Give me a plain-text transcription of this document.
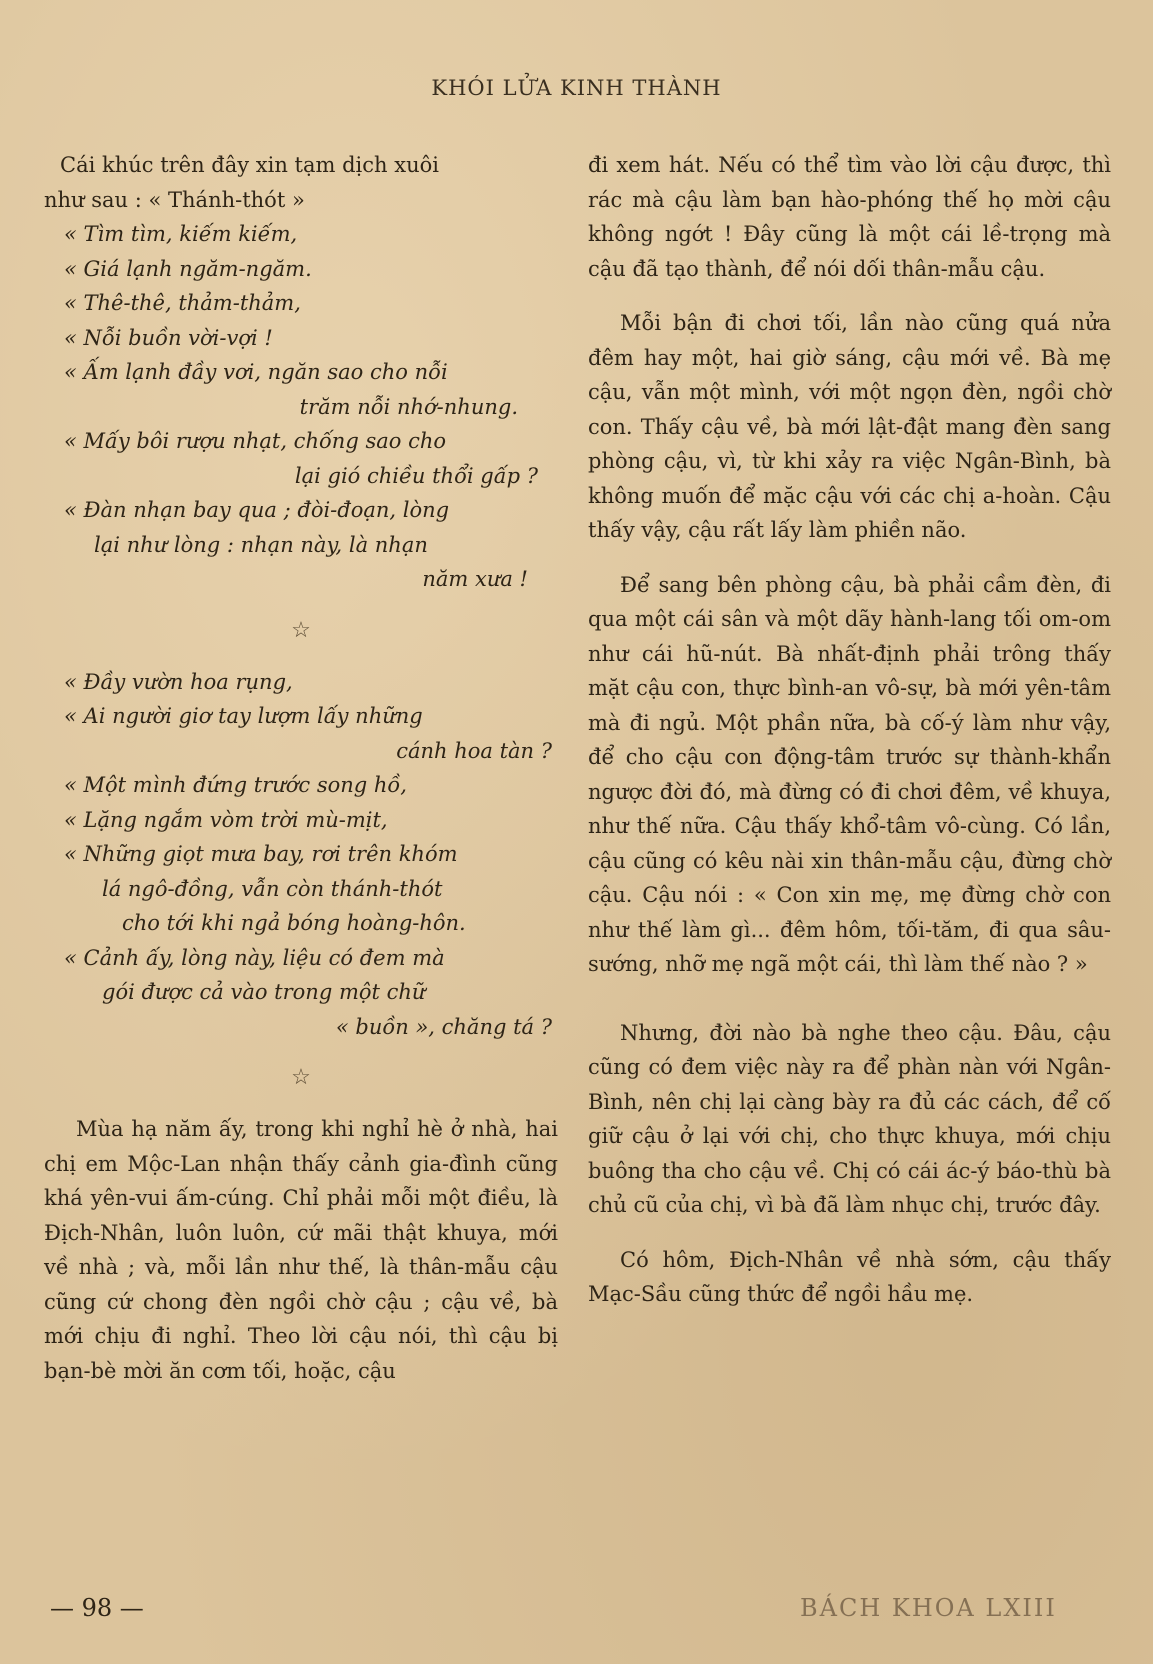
KHÓI LỬA KINH THÀNH
Cái khúc trên đây xin tạm dịch xuôi
như sau : « Thánh-thót »
« Tìm tìm, kiếm kiếm,
« Giá lạnh ngăm-ngăm.
« Thê-thê, thảm-thảm,
« Nỗi buồn vời-vợi !
« Ấm lạnh đầy vơi, ngăn sao cho nỗi
trăm nỗi nhớ-nhung.
« Mấy bôi rượu nhạt, chống sao cho
lại gió chiều thổi gấp ?
« Đàn nhạn bay qua ; đòi-đoạn, lòng
lại như lòng : nhạn này, là nhạn
năm xưa !
☆
« Đầy vườn hoa rụng,
« Ai người giơ tay lượm lấy những
cánh hoa tàn ?
« Một mình đứng trước song hồ,
« Lặng ngắm vòm trời mù-mịt,
« Những giọt mưa bay, rơi trên khóm
lá ngô-đồng, vẫn còn thánh-thót
cho tới khi ngả bóng hoàng-hôn.
« Cảnh ấy, lòng này, liệu có đem mà
gói được cả vào trong một chữ
« buồn », chăng tá ?
☆

Mùa hạ năm ấy, trong khi nghỉ hè ở nhà, hai chị em Mộc-Lan nhận thấy cảnh gia-đình cũng khá yên-vui ấm-cúng. Chỉ phải mỗi một điều, là Địch-Nhân, luôn luôn, cứ mãi thật khuya, mới về nhà ; và, mỗi lần như thế, là thân-mẫu cậu cũng cứ chong đèn ngồi chờ cậu ; cậu về, bà mới chịu đi nghỉ. Theo lời cậu nói, thì cậu bị bạn-bè mời ăn cơm tối, hoặc, cậu

đi xem hát. Nếu có thể tìm vào lời cậu được, thì rác mà cậu làm bạn hào-phóng thế họ mời cậu không ngớt ! Đây cũng là một cái lề-trọng mà cậu đã tạo thành, để nói dối thân-mẫu cậu.

Mỗi bận đi chơi tối, lần nào cũng quá nửa đêm hay một, hai giờ sáng, cậu mới về. Bà mẹ cậu, vẫn một mình, với một ngọn đèn, ngồi chờ con. Thấy cậu về, bà mới lật-đật mang đèn sang phòng cậu, vì, từ khi xảy ra việc Ngân-Bình, bà không muốn để mặc cậu với các chị a-hoàn. Cậu thấy vậy, cậu rất lấy làm phiền não.

Để sang bên phòng cậu, bà phải cầm đèn, đi qua một cái sân và một dãy hành-lang tối om-om như cái hũ-nút. Bà nhất-định phải trông thấy mặt cậu con, thực bình-an vô-sự, bà mới yên-tâm mà đi ngủ. Một phần nữa, bà cố-ý làm như vậy, để cho cậu con động-tâm trước sự thành-khẩn ngược đời đó, mà đừng có đi chơi đêm, về khuya, như thế nữa. Cậu thấy khổ-tâm vô-cùng. Có lần, cậu cũng có kêu nài xin thân-mẫu cậu, đừng chờ cậu. Cậu nói : « Con xin mẹ, mẹ đừng chờ con như thế làm gì... đêm hôm, tối-tăm, đi qua sâu-sướng, nhỡ mẹ ngã một cái, thì làm thế nào ? »

Nhưng, đời nào bà nghe theo cậu. Đâu, cậu cũng có đem việc này ra để phàn nàn với Ngân-Bình, nên chị lại càng bày ra đủ các cách, để cố giữ cậu ở lại với chị, cho thực khuya, mới chịu buông tha cho cậu về. Chị có cái ác-ý báo-thù bà chủ cũ của chị, vì bà đã làm nhục chị, trước đây.

Có hôm, Địch-Nhân về nhà sớm, cậu thấy Mạc-Sầu cũng thức để ngồi hầu mẹ.

— 98 —	BÁCH KHOA LXIII
